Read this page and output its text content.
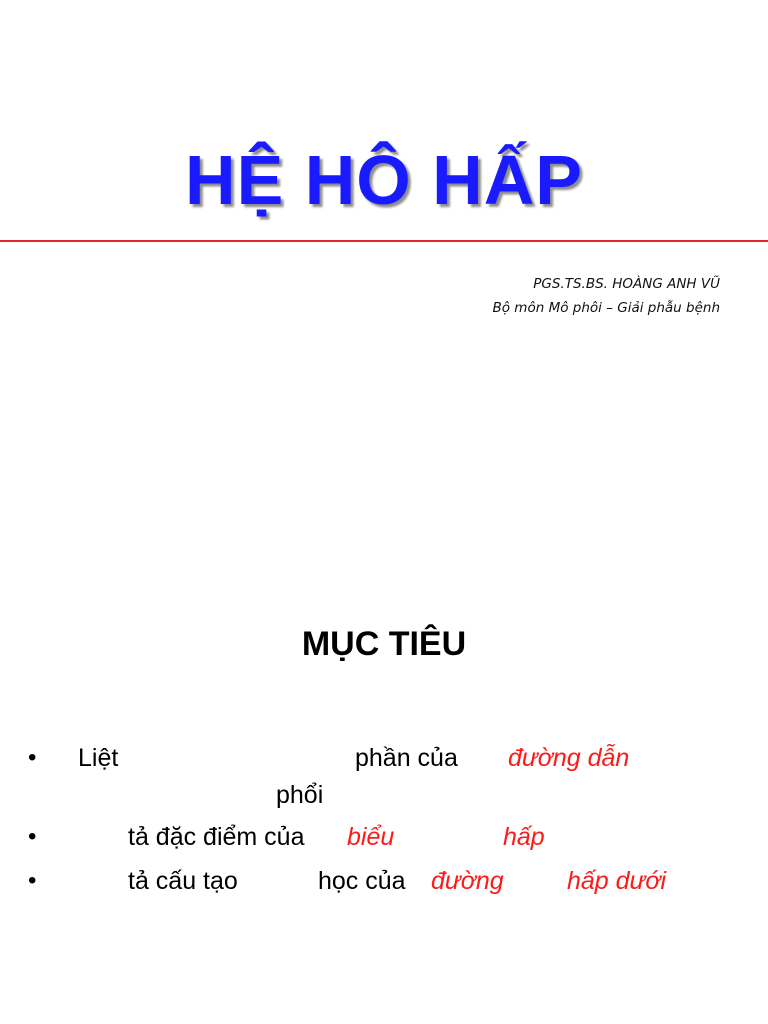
HỆ HÔ HẤP
PGS.TS.BS. HOÀNG ANH VŨ
Bộ môn Mô phôi – Giải phẫu bệnh
MỤC TIÊU
• Liệt	phần của đường dẫn
phổi
•	tả đặc điểm của biểu	hấp
•	tả cấu tạo	học của đường	hấp dưới
